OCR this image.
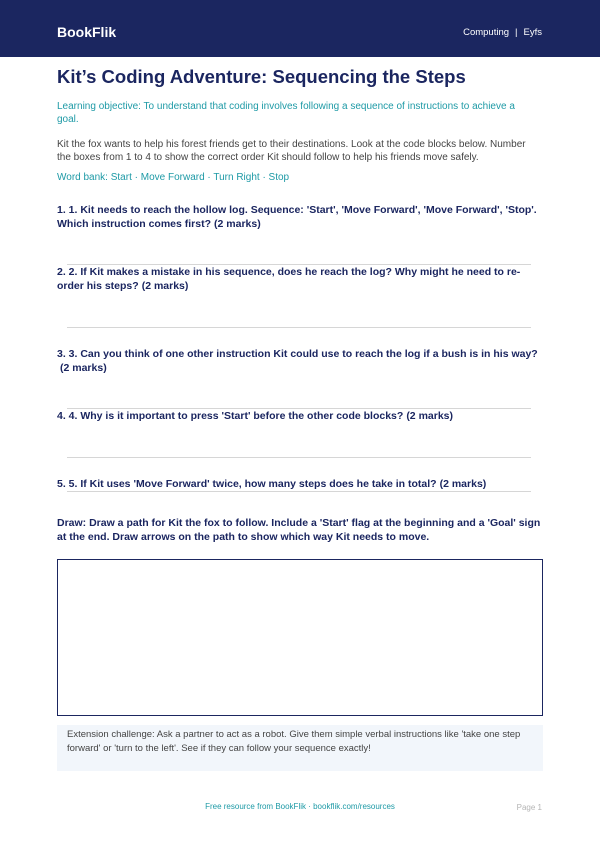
BookFlik	Computing | Eyfs
Kit’s Coding Adventure: Sequencing the Steps

Learning objective: To understand that coding involves following a sequence of instructions to achieve a goal.

Kit the fox wants to help his forest friends get to their destinations. Look at the code blocks below. Number the boxes from 1 to 4 to show the correct order Kit should follow to help his friends move safely.

Word bank: Start · Move Forward · Turn Right · Stop

1. 1. Kit needs to reach the hollow log. Sequence: 'Start', 'Move Forward', 'Move Forward', 'Stop'. Which instruction comes first? (2 marks)
2. 2. If Kit makes a mistake in his sequence, does he reach the log? Why might he need to re-order his steps? (2 marks)
3. 3. Can you think of one other instruction Kit could use to reach the log if a bush is in his way?(2 marks)
4. 4. Why is it important to press 'Start' before the other code blocks? (2 marks)
5. 5. If Kit uses 'Move Forward' twice, how many steps does he take in total? (2 marks)
Draw: Draw a path for Kit the fox to follow. Include a 'Start' flag at the beginning and a 'Goal' sign at the end. Draw arrows on the path to show which way Kit needs to move.
Extension challenge: Ask a partner to act as a robot. Give them simple verbal instructions like 'take one step forward' or 'turn to the left'. See if they can follow your sequence exactly!
Free resource from BookFlik · bookflik.com/resources	Page 1
